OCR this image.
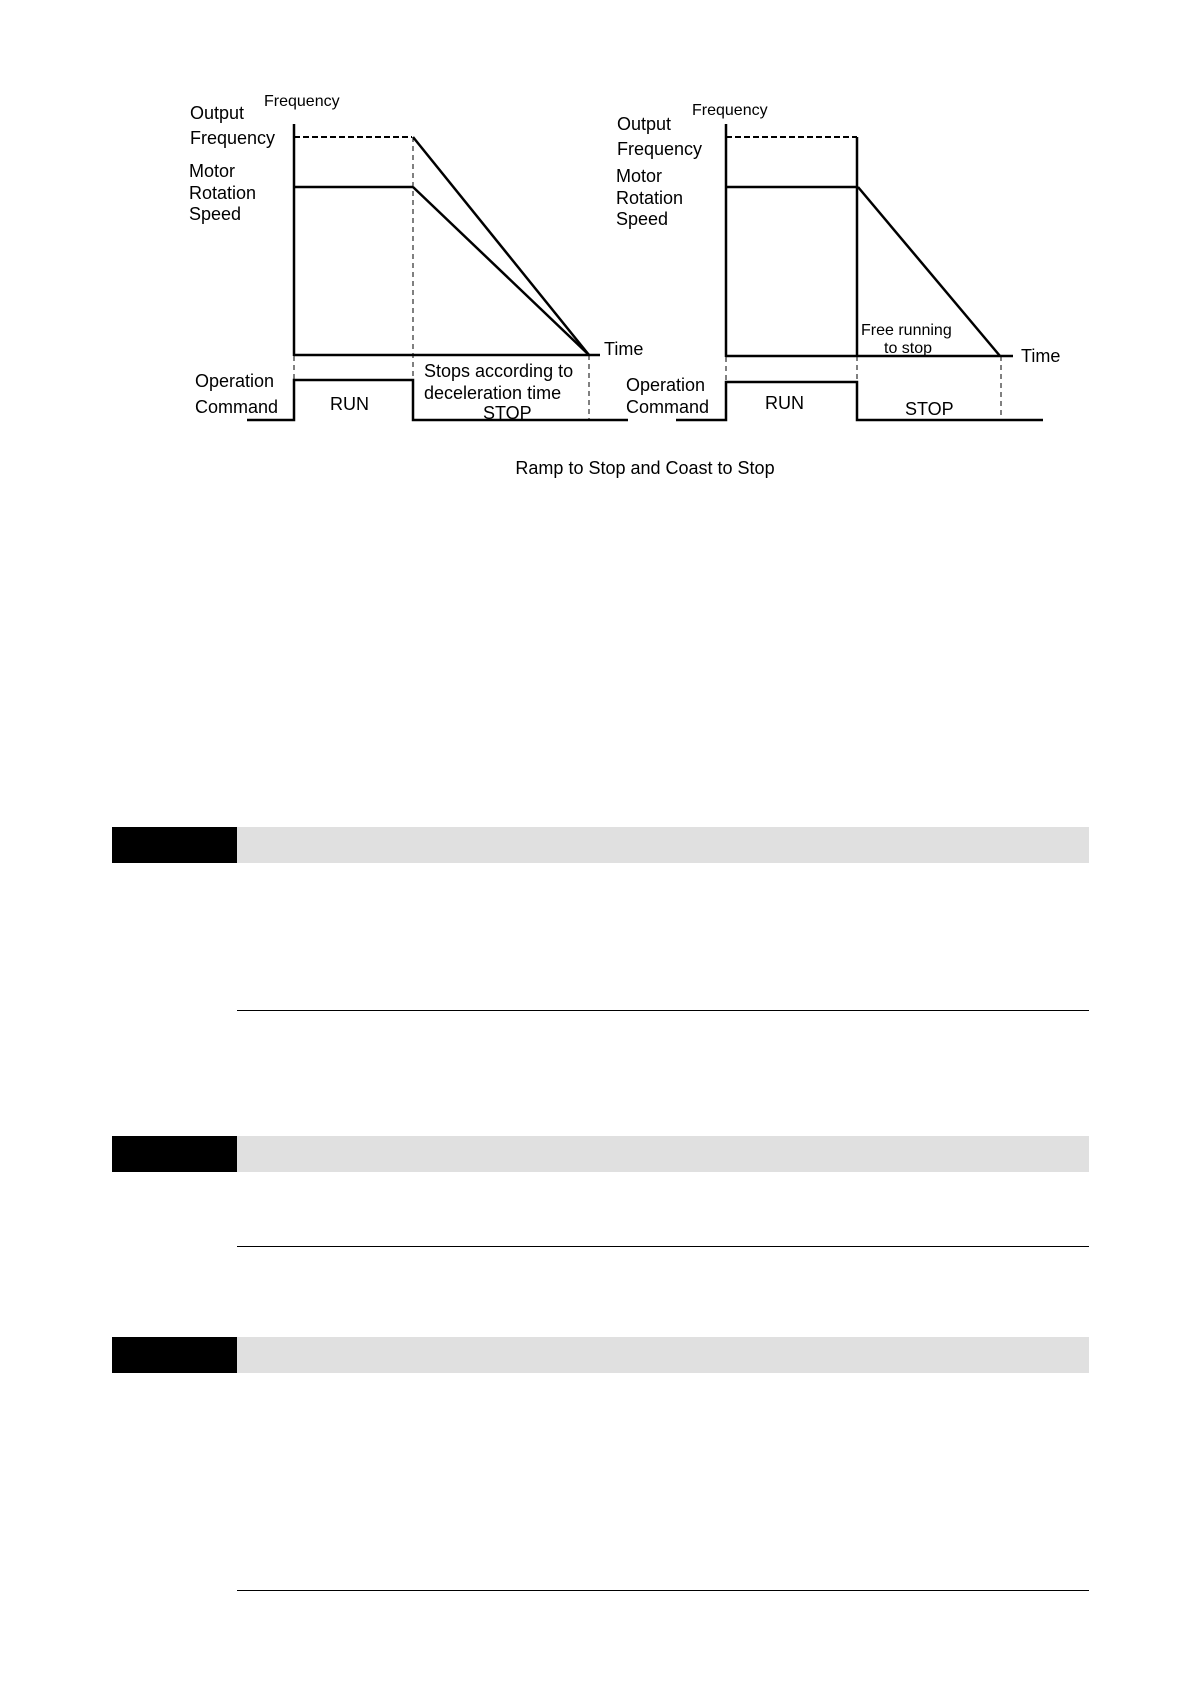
Frequency
Output
Frequency
Motor
Rotation
Speed
Time
Operation
Command	RUN
Stops according to
deceleration time
STOP
Frequency
Output
Frequency
Motor
Rotation
Speed
Free running
to stop	Time
Operation
Command	RUN	STOP
Ramp to Stop and Coast to Stop
